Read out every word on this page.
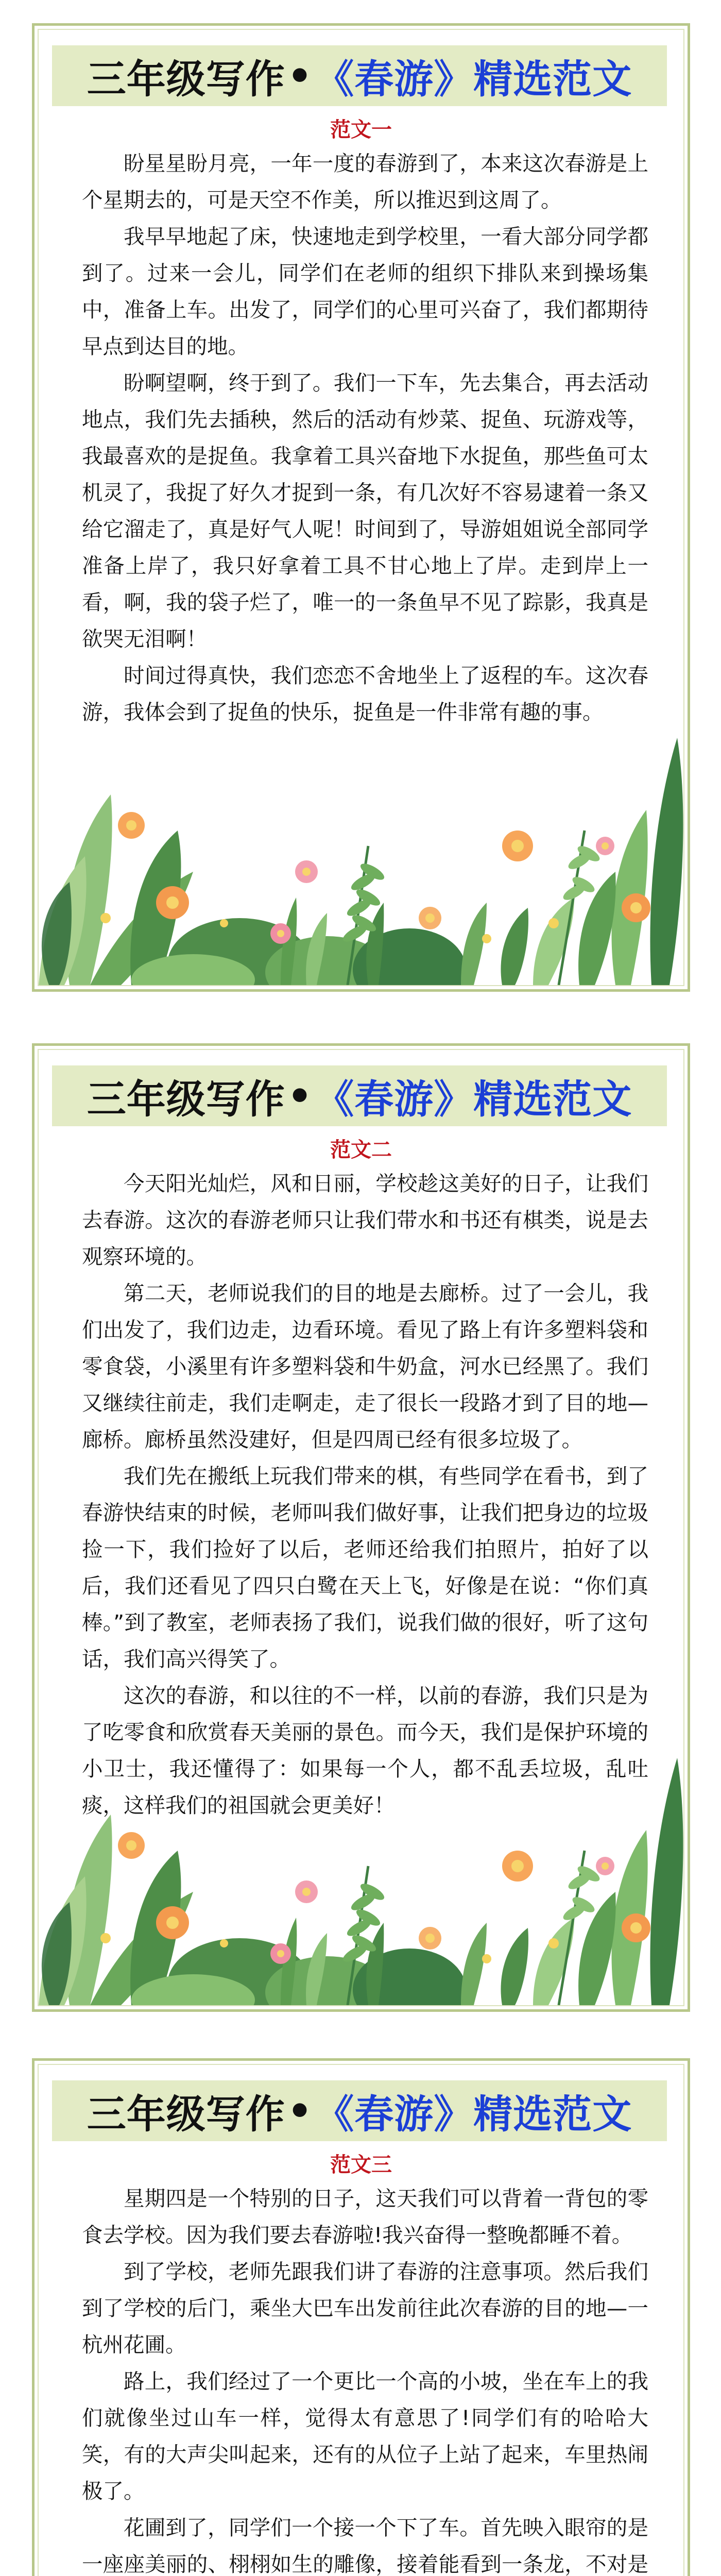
三年级写作 • 《春游》精选范文
范文一

盼星星盼月亮，一年一度的春游到了，本来这次春游是上个星期去的，可是天空不作美，所以推迟到这周了。

我早早地起了床，快速地走到学校里，一看大部分同学都到了。过来一会儿，同学们在老师的组织下排队来到操场集中，准备上车。出发了，同学们的心里可兴奋了，我们都期待早点到达目的地。

盼啊望啊，终于到了。我们一下车，先去集合，再去活动地点，我们先去插秧，然后的活动有炒菜、捉鱼、玩游戏等，我最喜欢的是捉鱼。我拿着工具兴奋地下水捉鱼，那些鱼可太机灵了，我捉了好久才捉到一条，有几次好不容易逮着一条又给它溜走了，真是好气人呢！时间到了，导游姐姐说全部同学准备上岸了，我只好拿着工具不甘心地上了岸。走到岸上一看，啊，我的袋子烂了，唯一的一条鱼早不见了踪影，我真是欲哭无泪啊！

时间过得真快，我们恋恋不舍地坐上了返程的车。这次春游，我体会到了捉鱼的快乐，捉鱼是一件非常有趣的事。

三年级写作 • 《春游》精选范文
范文二

今天阳光灿烂，风和日丽，学校趁这美好的日子，让我们去春游。这次的春游老师只让我们带水和书还有棋类，说是去观察环境的。

第二天，老师说我们的目的地是去廊桥。过了一会儿，我们出发了，我们边走，边看环境。看见了路上有许多塑料袋和零食袋，小溪里有许多塑料袋和牛奶盒，河水已经黑了。我们又继续往前走，我们走啊走，走了很长一段路才到了目的地—廊桥。廊桥虽然没建好，但是四周已经有很多垃圾了。

我们先在搬纸上玩我们带来的棋，有些同学在看书，到了春游快结束的时候，老师叫我们做好事，让我们把身边的垃圾捡一下，我们捡好了以后，老师还给我们拍照片，拍好了以后，我们还看见了四只白鹭在天上飞，好像是在说：“你们真棒。”到了教室，老师表扬了我们，说我们做的很好，听了这句话，我们高兴得笑了。

这次的春游，和以往的不一样，以前的春游，我们只是为了吃零食和欣赏春天美丽的景色。而今天，我们是保护环境的小卫士，我还懂得了：如果每一个人，都不乱丢垃圾，乱吐痰，这样我们的祖国就会更美好！

三年级写作 • 《春游》精选范文
范文三

星期四是一个特别的日子，这天我们可以背着一背包的零食去学校。因为我们要去春游啦!我兴奋得一整晚都睡不着。

到了学校，老师先跟我们讲了春游的注意事项。然后我们到了学校的后门，乘坐大巴车出发前往此次春游的目的地—一杭州花圃。

路上，我们经过了一个更比一个高的小坡，坐在车上的我们就像坐过山车一样，觉得太有意思了!同学们有的哈哈大笑，有的大声尖叫起来，还有的从位子上站了起来，车里热闹极了。

花圃到了，同学们一个接一个下了车。首先映入眼帘的是一座座美丽的、栩栩如生的雕像，接着能看到一条龙，不对是
